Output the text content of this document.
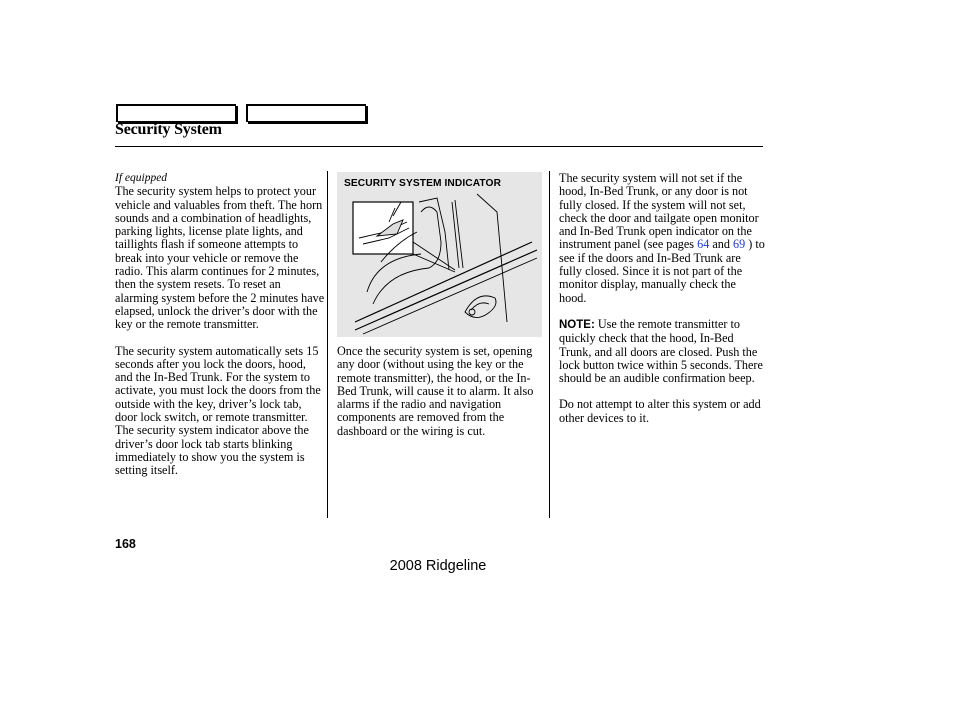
Security System

If equipped

The security system helps to protect your vehicle and valuables from theft. The horn sounds and a combination of headlights, parking lights, license plate lights, and taillights flash if someone attempts to break into your vehicle or remove the radio. This alarm continues for 2 minutes, then the system resets. To reset an alarming system before the 2 minutes have elapsed, unlock the driver’s door with the key or the remote transmitter.

The security system automatically sets 15 seconds after you lock the doors, hood, and the In-Bed Trunk. For the system to activate, you must lock the doors from the outside with the key, driver’s lock tab, door lock switch, or remote transmitter. The security system indicator above the driver’s door lock tab starts blinking immediately to show you the system is setting itself.

SECURITY SYSTEM INDICATOR

Once the security system is set, opening any door (without using the key or the remote transmitter), the hood, or the In-Bed Trunk, will cause it to alarm. It also alarms if the radio and navigation components are removed from the dashboard or the wiring is cut.

The security system will not set if the hood, In-Bed Trunk, or any door is not fully closed. If the system will not set, check the door and tailgate open monitor and In-Bed Trunk open indicator on the instrument panel (see pages 64 and 69 ) to see if the doors and In-Bed Trunk are fully closed. Since it is not part of the monitor display, manually check the hood.

NOTE: Use the remote transmitter to quickly check that the hood, In-Bed Trunk, and all doors are closed. Push the lock button twice within 5 seconds. There should be an audible confirmation beep.

Do not attempt to alter this system or add other devices to it.

168
2008 Ridgeline
